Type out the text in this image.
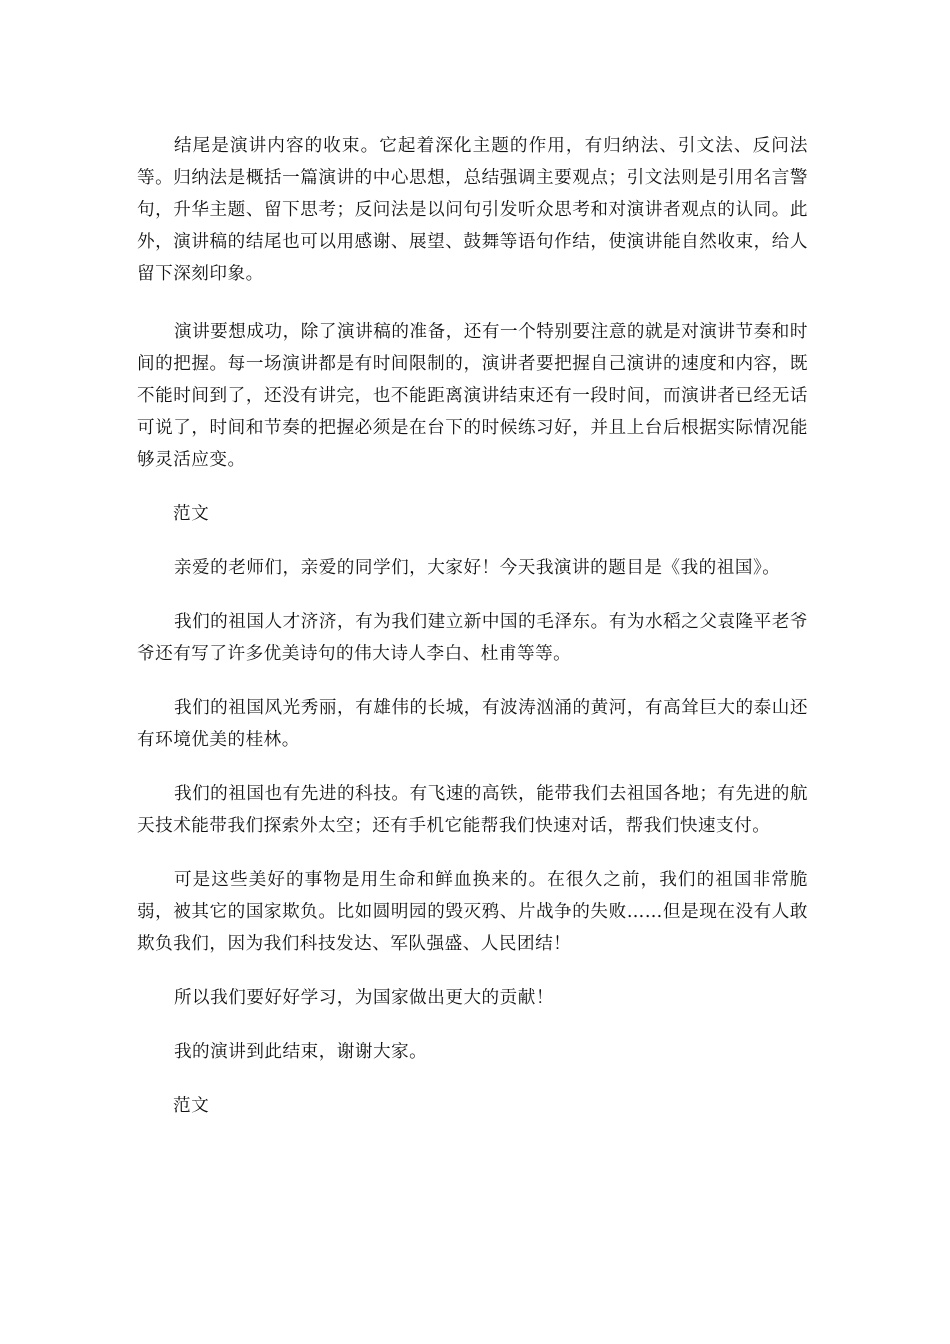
结尾是演讲内容的收束。它起着深化主题的作用，有归纳法、引文法、反问法等。归纳法是概括一篇演讲的中心思想，总结强调主要观点；引文法则是引用名言警句，升华主题、留下思考；反问法是以问句引发听众思考和对演讲者观点的认同。此外，演讲稿的结尾也可以用感谢、展望、鼓舞等语句作结，使演讲能自然收束，给人留下深刻印象。

演讲要想成功，除了演讲稿的准备，还有一个特别要注意的就是对演讲节奏和时间的把握。每一场演讲都是有时间限制的，演讲者要把握自己演讲的速度和内容，既不能时间到了，还没有讲完，也不能距离演讲结束还有一段时间，而演讲者已经无话可说了，时间和节奏的把握必须是在台下的时候练习好，并且上台后根据实际情况能够灵活应变。

范文

亲爱的老师们，亲爱的同学们，大家好！今天我演讲的题目是《我的祖国》。

我们的祖国人才济济，有为我们建立新中国的毛泽东。有为水稻之父袁隆平老爷爷还有写了许多优美诗句的伟大诗人李白、杜甫等等。

我们的祖国风光秀丽，有雄伟的长城，有波涛汹涌的黄河，有高耸巨大的泰山还有环境优美的桂林。

我们的祖国也有先进的科技。有飞速的高铁，能带我们去祖国各地；有先进的航天技术能带我们探索外太空；还有手机它能帮我们快速对话，帮我们快速支付。

可是这些美好的事物是用生命和鲜血换来的。在很久之前，我们的祖国非常脆弱，被其它的国家欺负。比如圆明园的毁灭鸦、片战争的失败……但是现在没有人敢欺负我们，因为我们科技发达、军队强盛、人民团结！

所以我们要好好学习，为国家做出更大的贡献！

我的演讲到此结束，谢谢大家。

范文
